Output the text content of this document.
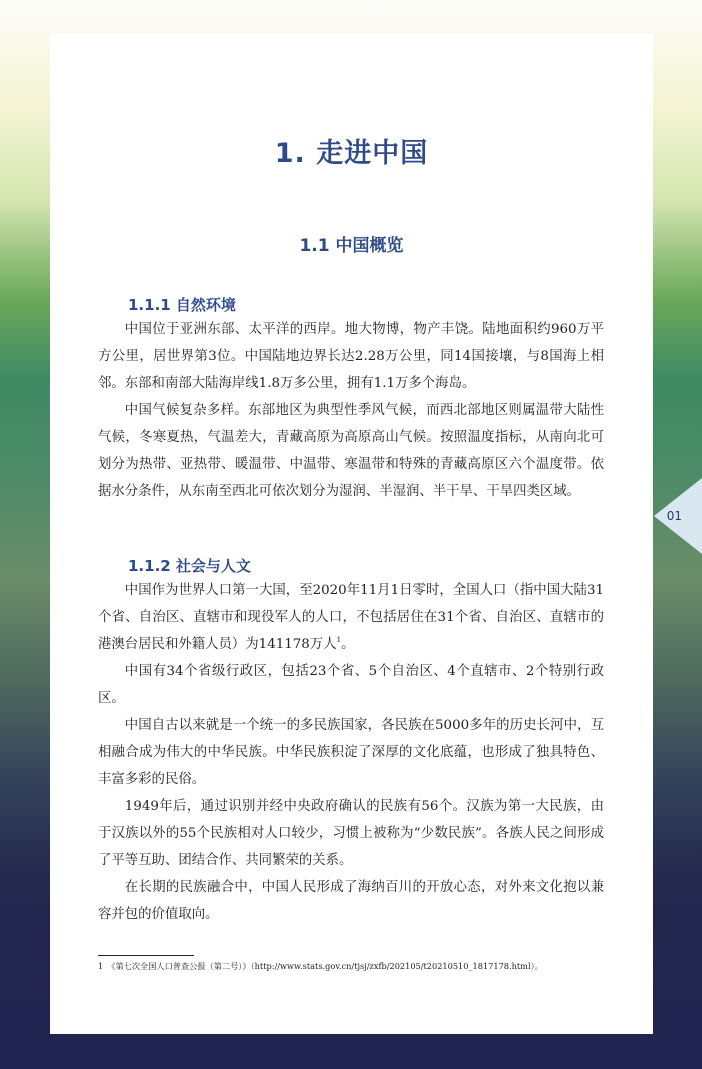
1. 走进中国
1.1 中国概览
1.1.1 自然环境

中国位于亚洲东部、太平洋的西岸。地大物博，物产丰饶。陆地面积约960万平方公里，居世界第3位。中国陆地边界长达2.28万公里，同14国接壤，与8国海上相邻。东部和南部大陆海岸线1.8万多公里，拥有1.1万多个海岛。

中国气候复杂多样。东部地区为典型性季风气候，而西北部地区则属温带大陆性气候，冬寒夏热，气温差大，青藏高原为高原高山气候。按照温度指标，从南向北可划分为热带、亚热带、暖温带、中温带、寒温带和特殊的青藏高原区六个温度带。依据水分条件，从东南至西北可依次划分为湿润、半湿润、半干旱、干旱四类区域。

1.1.2 社会与人文

中国作为世界人口第一大国，至2020年11月1日零时，全国人口（指中国大陆31个省、自治区、直辖市和现役军人的人口，不包括居住在31个省、自治区、直辖市的港澳台居民和外籍人员）为141178万人$^1$。

中国有34个省级行政区，包括23个省、5个自治区、4个直辖市、2个特别行政区。

中国自古以来就是一个统一的多民族国家，各民族在5000多年的历史长河中，互相融合成为伟大的中华民族。中华民族积淀了深厚的文化底蕴，也形成了独具特色、丰富多彩的民俗。

1949年后，通过识别并经中央政府确认的民族有56个。汉族为第一大民族，由于汉族以外的55个民族相对人口较少，习惯上被称为“少数民族”。各族人民之间形成了平等互助、团结合作、共同繁荣的关系。

在长期的民族融合中，中国人民形成了海纳百川的开放心态，对外来文化抱以兼容并包的价值取向。

1　《第七次全国人口普查公报（第二号）》（http://www.stats.gov.cn/tjsj/zxfb/202105/t20210510_1817178.html）。

01
